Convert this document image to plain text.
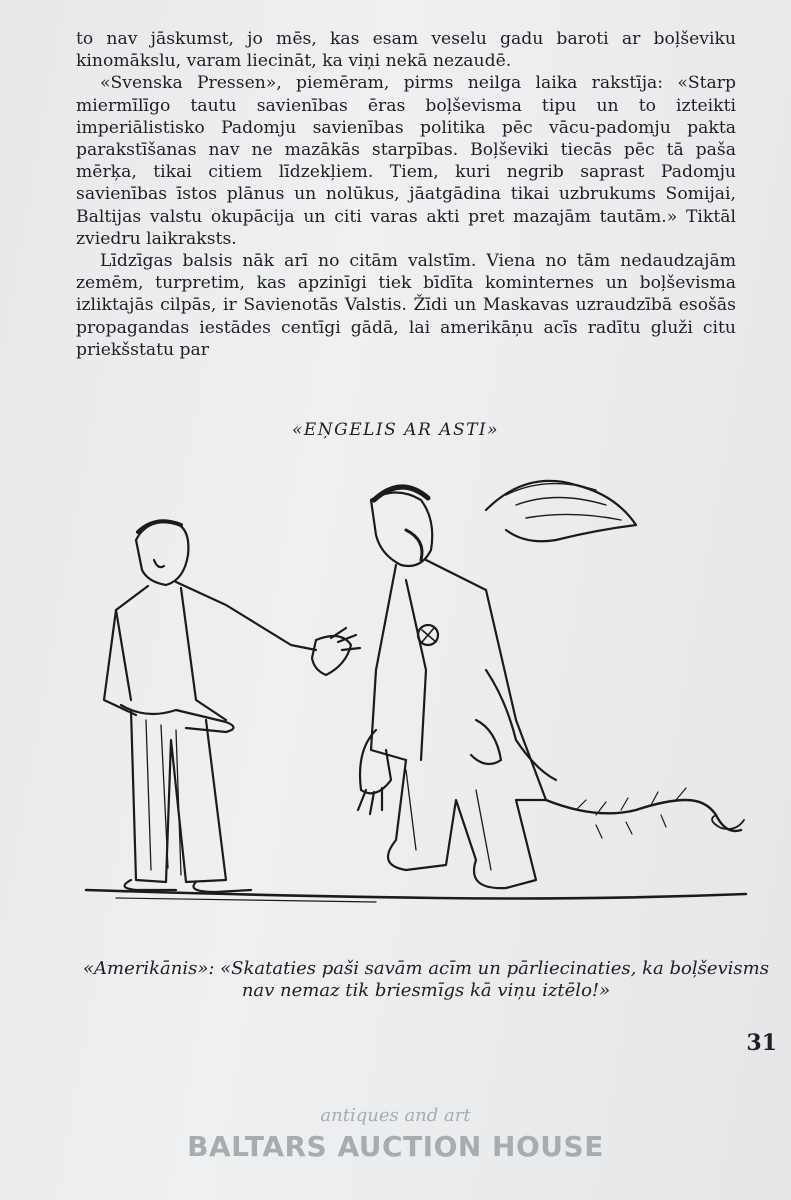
to nav jāskumst, jo mēs, kas esam veselu gadu baroti ar boļševiku kinomākslu, varam liecināt, ka viņi nekā nezaudē.

«Svenska Pressen», piemēram, pirms neilga laika rakstīja: «Starp miermīlīgo tautu savienības ēras boļševisma tipu un to izteikti imperiālistisko Padomju savienības politika pēc vācu-padomju pakta parakstīšanas nav ne mazākās starpības. Boļševiki tiecās pēc tā paša mērķa, tikai citiem līdzekļiem. Tiem, kuri negrib saprast Padomju savienības īstos plānus un nolūkus, jāatgādina tikai uzbrukums Somijai, Baltijas valstu okupācija un citi varas akti pret mazajām tautām.» Tiktāl zviedru laikraksts.

Līdzīgas balsis nāk arī no citām valstīm. Viena no tām nedaudzajām zemēm, turpretim, kas apzinīgi tiek bīdīta kominternes un boļševisma izliktajās cilpās, ir Savienotās Valstis. Žīdi un Maskavas uzraudzībā esošās propagandas iestādes centīgi gādā, lai amerikāņu acīs radītu gluži citu priekšstatu par

«EŅGELIS AR ASTI»
«Amerikānis»: «Skataties paši savām acīm un pārliecinaties, ka boļševisms
nav nemaz tik briesmīgs kā viņu iztēlo!»
31
antiques and art
BALTARS AUCTION HOUSE
